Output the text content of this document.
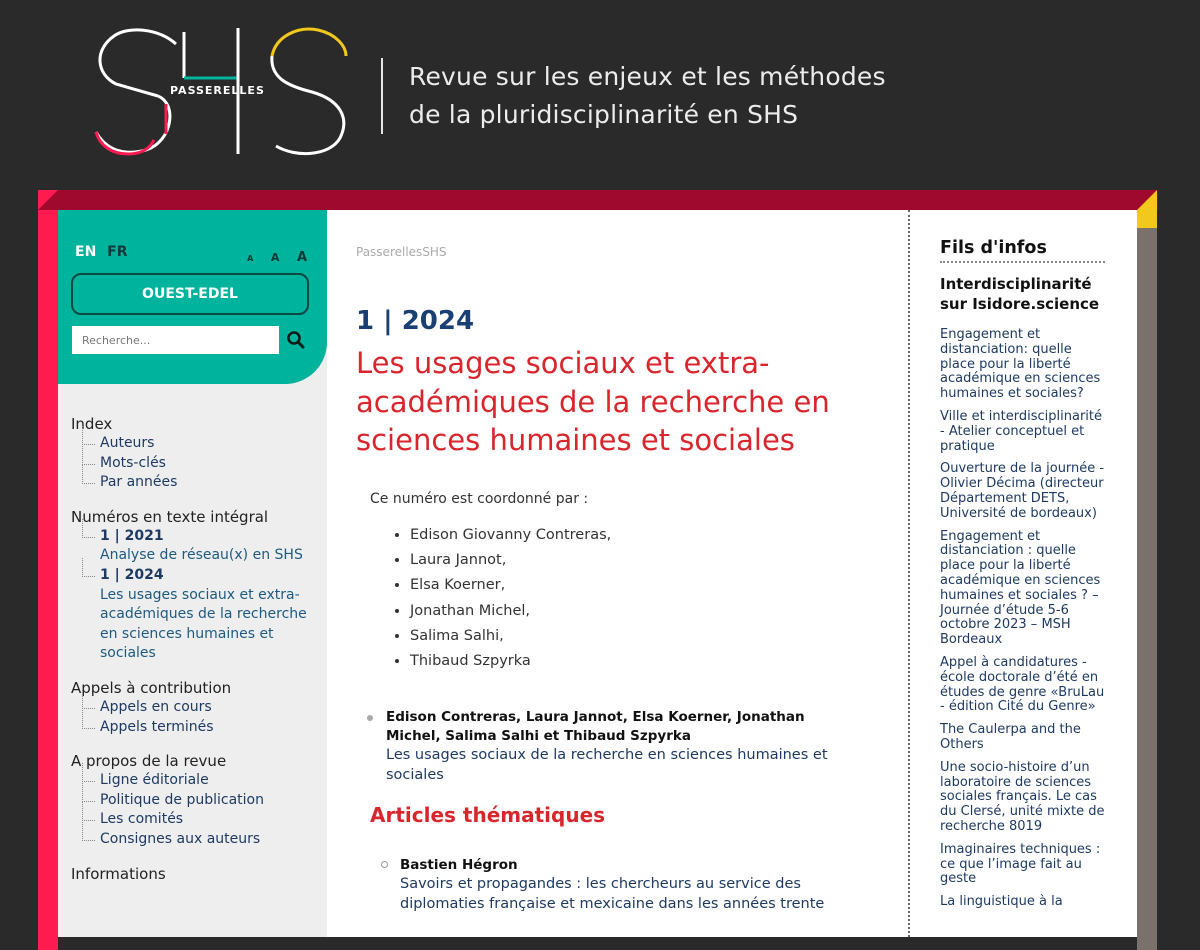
PASSERELLES	Revue sur les enjeux et les méthodes
de la pluridisciplinarité en SHS
EN FR	A A A
OUEST-EDEL
Recherche...
Index
Auteurs
Mots-clés
Par années
Numéros en texte intégral
1 | 2021
Analyse de réseau(x) en SHS
1 | 2024
Les usages sociaux et extra-académiques de la recherche en sciences humaines et sociales
Appels à contribution
Appels en cours
Appels terminés
A propos de la revue
Ligne éditoriale
Politique de publication
Les comités
Consignes aux auteurs
Informations
PasserellesSHS
1 | 2024
Les usages sociaux et extra-académiques de la recherche en sciences humaines et sociales
Ce numéro est coordonné par :
• Edison Giovanny Contreras,
• Laura Jannot,
• Elsa Koerner,
• Jonathan Michel,
• Salima Salhi,
• Thibaud Szpyrka
Edison Contreras, Laura Jannot, Elsa Koerner, Jonathan Michel, Salima Salhi et Thibaud Szpyrka
Les usages sociaux de la recherche en sciences humaines et sociales
Articles thématiques
Bastien Hégron
Savoirs et propagandes : les chercheurs au service des diplomaties française et mexicaine dans les années trente
Fils d'infos
Interdisciplinarité sur Isidore.science
Engagement et distanciation: quelle place pour la liberté académique en sciences humaines et sociales?
Ville et interdisciplinarité - Atelier conceptuel et pratique
Ouverture de la journée - Olivier Décima (directeur Département DETS, Université de bordeaux)
Engagement et distanciation : quelle place pour la liberté académique en sciences humaines et sociales ? – Journée d’étude 5-6 octobre 2023 – MSH Bordeaux
Appel à candidatures - école doctorale d’été en études de genre «BruLau - édition Cité du Genre»
The Caulerpa and the Others
Une socio-histoire d’un laboratoire de sciences sociales français. Le cas du Clersé, unité mixte de recherche 8019
Imaginaires techniques : ce que l’image fait au geste
La linguistique à la
